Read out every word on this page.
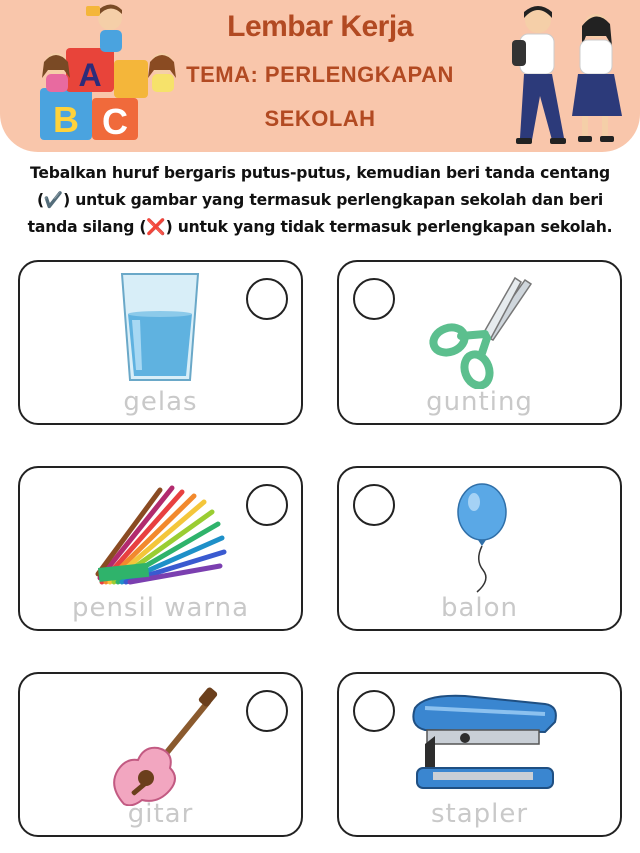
A
B C
Lembar Kerja
TEMA: PERLENGKAPAN
SEKOLAH
Tebalkan huruf bergaris putus-putus, kemudian beri tanda centang
(✔️) untuk gambar yang termasuk perlengkapan sekolah dan beri
tanda silang (❌) untuk yang tidak termasuk perlengkapan sekolah.
gelas	gunting
pensil warna	balon
gitar	stapler
